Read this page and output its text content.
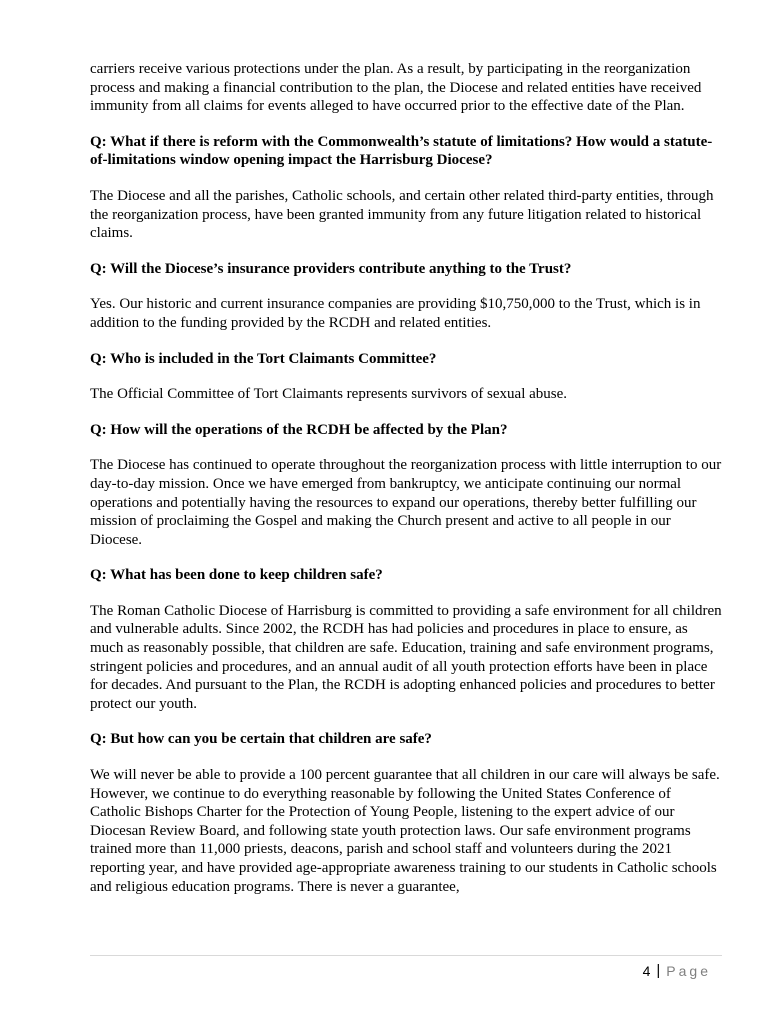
carriers receive various protections under the plan. As a result, by participating in the reorganization process and making a financial contribution to the plan, the Diocese and related entities have received immunity from all claims for events alleged to have occurred prior to the effective date of the Plan.

Q: What if there is reform with the Commonwealth’s statute of limitations? How would a statute-of-limitations window opening impact the Harrisburg Diocese?

The Diocese and all the parishes, Catholic schools, and certain other related third-party entities, through the reorganization process, have been granted immunity from any future litigation related to historical claims.

Q: Will the Diocese’s insurance providers contribute anything to the Trust?

Yes. Our historic and current insurance companies are providing $10,750,000 to the Trust, which is in addition to the funding provided by the RCDH and related entities.

Q: Who is included in the Tort Claimants Committee?

The Official Committee of Tort Claimants represents survivors of sexual abuse.

Q: How will the operations of the RCDH be affected by the Plan?

The Diocese has continued to operate throughout the reorganization process with little interruption to our day-to-day mission. Once we have emerged from bankruptcy, we anticipate continuing our normal operations and potentially having the resources to expand our operations, thereby better fulfilling our mission of proclaiming the Gospel and making the Church present and active to all people in our Diocese.

Q: What has been done to keep children safe?

The Roman Catholic Diocese of Harrisburg is committed to providing a safe environment for all children and vulnerable adults. Since 2002, the RCDH has had policies and procedures in place to ensure, as much as reasonably possible, that children are safe. Education, training and safe environment programs, stringent policies and procedures, and an annual audit of all youth protection efforts have been in place for decades. And pursuant to the Plan, the RCDH is adopting enhanced policies and procedures to better protect our youth.

Q: But how can you be certain that children are safe?

We will never be able to provide a 100 percent guarantee that all children in our care will always be safe. However, we continue to do everything reasonable by following the United States Conference of Catholic Bishops Charter for the Protection of Young People, listening to the expert advice of our Diocesan Review Board, and following state youth protection laws. Our safe environment programs trained more than 11,000 priests, deacons, parish and school staff and volunteers during the 2021 reporting year, and have provided age-appropriate awareness training to our students in Catholic schools and religious education programs. There is never a guarantee,

4 | Page
